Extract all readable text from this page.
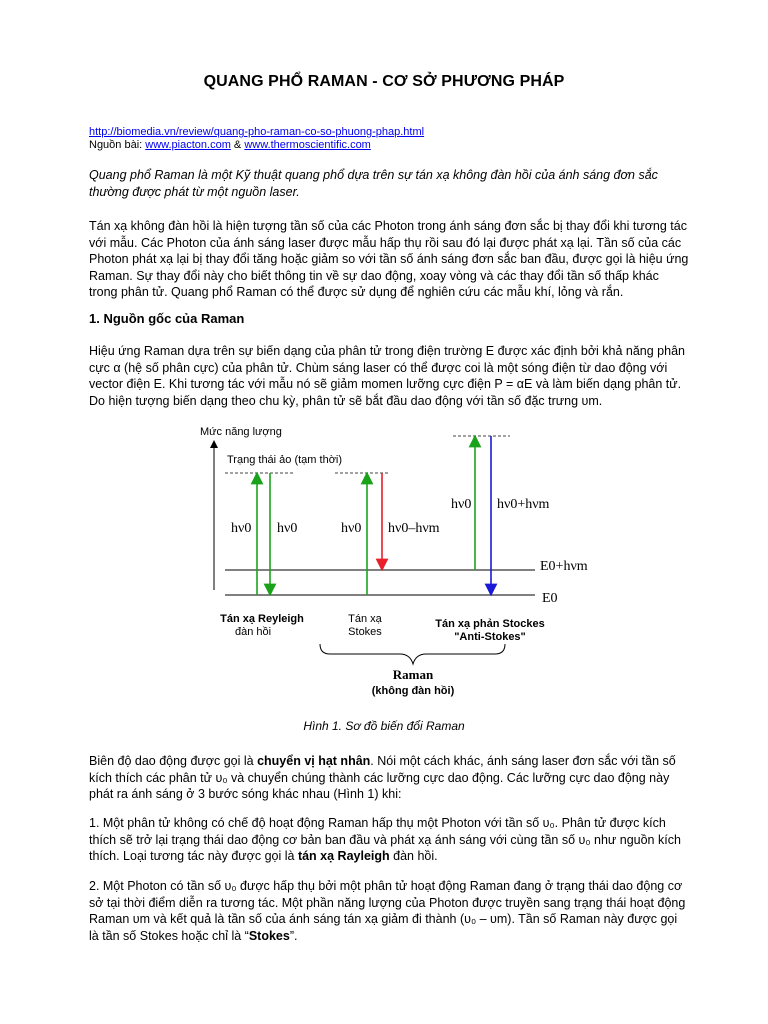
QUANG PHỔ RAMAN - CƠ SỞ PHƯƠNG PHÁP
http://biomedia.vn/review/quang-pho-raman-co-so-phuong-phap.html
Nguồn bài: www.piacton.com & www.thermoscientific.com
Quang phổ Raman là một Kỹ thuật quang phổ dựa trên sự tán xạ không đàn hồi của ánh sáng đơn sắc thường được phát từ một nguồn laser.
Tán xạ không đàn hồi là hiện tượng tần số của các Photon trong ánh sáng đơn sắc bị thay đổi khi tương tác với mẫu. Các Photon của ánh sáng laser được mẫu hấp thụ rồi sau đó lại được phát xạ lại. Tần số của các Photon phát xạ lại bị thay đổi tăng hoặc giảm so với tần số ánh sáng đơn sắc ban đầu, được gọi là hiệu ứng Raman. Sự thay đổi này cho biết thông tin về sự dao động, xoay vòng và các thay đổi tần số thấp khác trong phân tử. Quang phổ Raman có thể được sử dụng để nghiên cứu các mẫu khí, lỏng và rắn.
1. Nguồn gốc của Raman
Hiệu ứng Raman dựa trên sự biến dạng của phân tử trong điện trường E được xác định bởi khả năng phân cực α (hệ số phân cực) của phân tử. Chùm sáng laser có thể được coi là một sóng điện từ dao động với vector điện E. Khi tương tác với mẫu nó sẽ giảm momen lưỡng cực điện P = αE và làm biến dạng phân tử. Do hiện tượng biến dạng theo chu kỳ, phân tử sẽ bắt đầu dao động với tần số đặc trưng υm.
Mức năng lượng
Trạng thái ảo (tạm thời)
E0+hνm
E0
hν0 hν0	hν0 hν0–hνm
hν0 hν0+hνm
Tán xạ Reyleigh
đàn hồi
Tán xạ
Stokes
Tán xạ phản Stockes
"Anti-Stokes"
Raman
(không đàn hồi)
Hình 1. Sơ đồ biến đổi Raman
Biên độ dao động được gọi là chuyển vị hạt nhân. Nói một cách khác, ánh sáng laser đơn sắc với tần số kích thích các phân tử υ₀ và chuyển chúng thành các lưỡng cực dao động. Các lưỡng cực dao động này phát ra ánh sáng ở 3 bước sóng khác nhau (Hình 1) khi:
1. Một phân tử không có chế độ hoạt động Raman hấp thụ một Photon với tần số υ₀. Phân tử được kích thích sẽ trở lại trạng thái dao động cơ bản ban đầu và phát xạ ánh sáng với cùng tần số υ₀ như nguồn kích thích. Loại tương tác này được gọi là tán xạ Rayleigh đàn hồi.
2. Một Photon có tần số υ₀ được hấp thụ bởi một phân tử hoạt động Raman đang ở trạng thái dao động cơ sở tại thời điểm diễn ra tương tác. Một phần năng lượng của Photon được truyền sang trạng thái hoạt động Raman υm và kết quả là tần số của ánh sáng tán xạ giảm đi thành (υ₀ – υm). Tần số Raman này được gọi là tần số Stokes hoặc chỉ là “Stokes”.
